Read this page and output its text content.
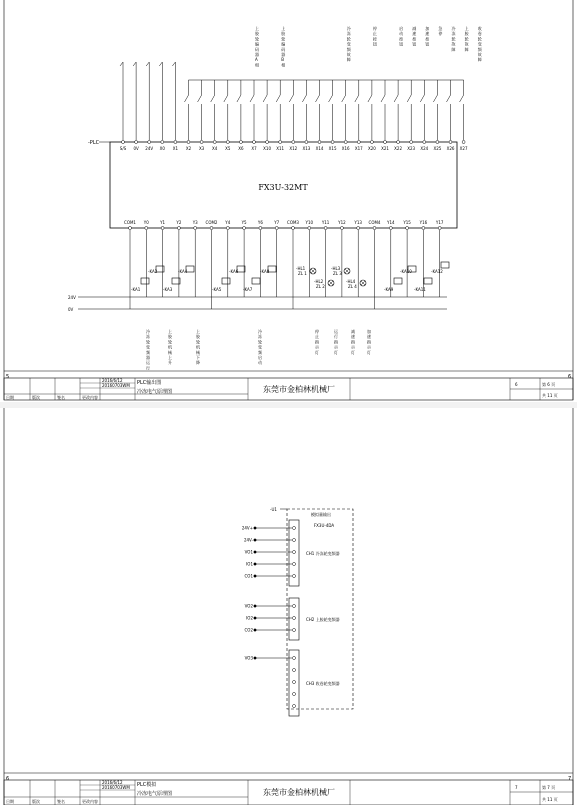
5	6
-PLC
FX3U-32MT
S/S 0V 24V X0 X1 X2 X3 X4 X5 X6 X7 X10 X11 X12 X13 X14 X15 X16 X17 X20 X21 X22 X23 X24 X25 X26 X27
上胶轮编码器 A 相
上胶轮编码器 B 相
冷冻轮变频故障
停止按钮
启动按钮
减速按钮
加速按钮
急停
冷冻轮故障
上胶轮故障
收卷轮变频故障
COM1 Y0	Y1	Y2	Y3 COM2 Y4	Y5	Y6	Y7 COM3 Y10 Y11 Y12 Y13 COM4 Y14 Y15 Y16 Y17
24V
0V
-KA1
-KA2
-KA3
-KA4
-KA5
-KA6
-KA7
-KA8
-KA9
-KA10
-KA11
-KA12
-HL1
ZL 1
-HL2
ZL 2
-HL3
ZL 3
-HL4
ZL 4
冷冻轮变频器运行
上胶轮机械上升
上胶轮机械下降
冷冻轮变频启动
停止指示灯
运行指示灯
减速指示灯
加速指示灯
日期	版次	签名	更改内容
2016/6/12
20160703WM PLC输出图
冷冻电气原理图	东莞市金柏林机械厂
6	第 6 页
共 11 页
6	7
-U1
模拟量输出
FX3U-4DA
24V+
24V-
VO1
IO1
CO1
CH1 冷冻轮变频器
VO2
IO2
CO2
CH2 上胶轮变频器
VO3
CH3 收卷轮变频器
日期	版次	签名	更改内容
2016/6/12
20160703WM PLC模拟
冷冻电气原理图	东莞市金柏林机械厂
7	第 7 页
共 11 页
